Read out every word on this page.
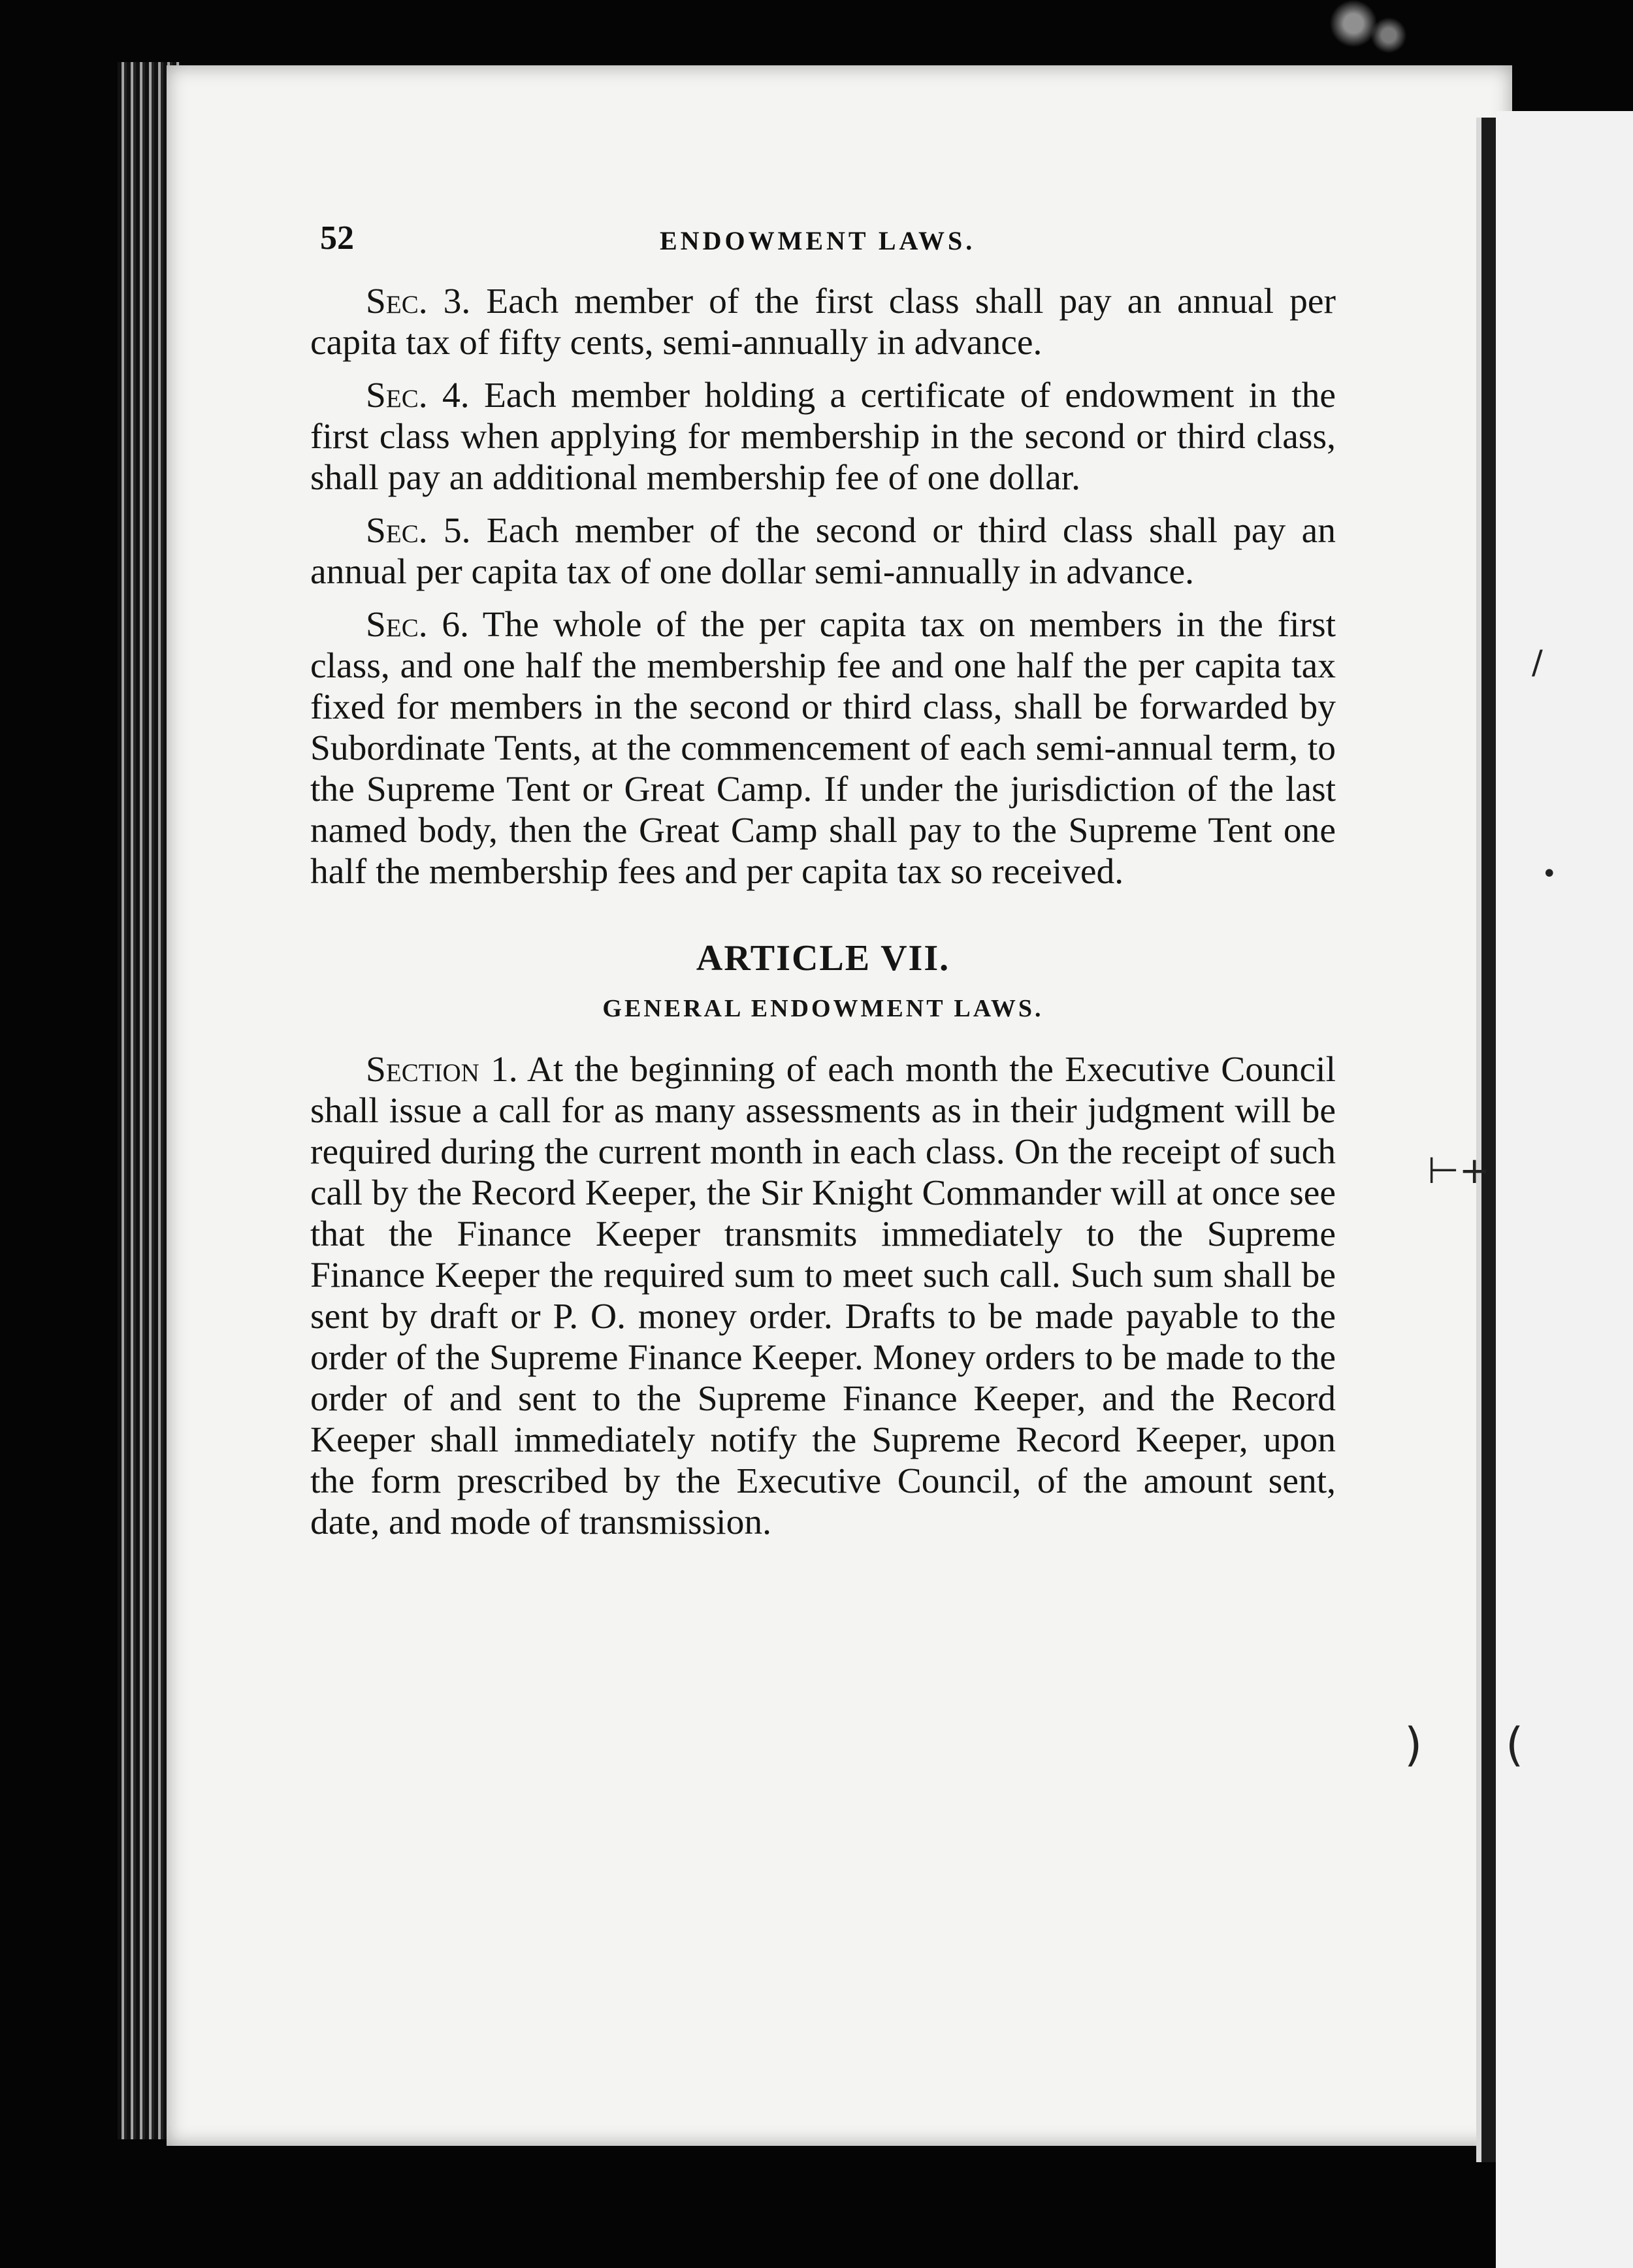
52	ENDOWMENT LAWS.

Sec. 3. Each member of the first class shall pay an annual per capita tax of fifty cents, semi-annually in advance.

Sec. 4. Each member holding a certificate of endowment in the first class when applying for membership in the second or third class, shall pay an additional membership fee of one dollar.

Sec. 5. Each member of the second or third class shall pay an annual per capita tax of one dollar semi-annually in advance.

Sec. 6. The whole of the per capita tax on members in the first class, and one half the membership fee and one half the per capita tax fixed for members in the second or third class, shall be forwarded by Subordinate Tents, at the commencement of each semi-annual term, to the Supreme Tent or Great Camp. If under the jurisdiction of the last named body, then the Great Camp shall pay to the Supreme Tent one half the membership fees and per capita tax so received.

ARTICLE VII.
GENERAL ENDOWMENT LAWS.

Section 1. At the beginning of each month the Executive Council shall issue a call for as many assessments as in their judgment will be required during the current month in each class. On the receipt of such call by the Record Keeper, the Sir Knight Commander will at once see that the Finance Keeper transmits immediately to the Supreme Finance Keeper the required sum to meet such call. Such sum shall be sent by draft or P. O. money order. Drafts to be made payable to the order of the Supreme Finance Keeper. Money orders to be made to the order of and sent to the Supreme Finance Keeper, and the Record Keeper shall immediately notify the Supreme Record Keeper, upon the form prescribed by the Executive Council, of the amount sent, date, and mode of transmission.

/
•
⊢+
) (
